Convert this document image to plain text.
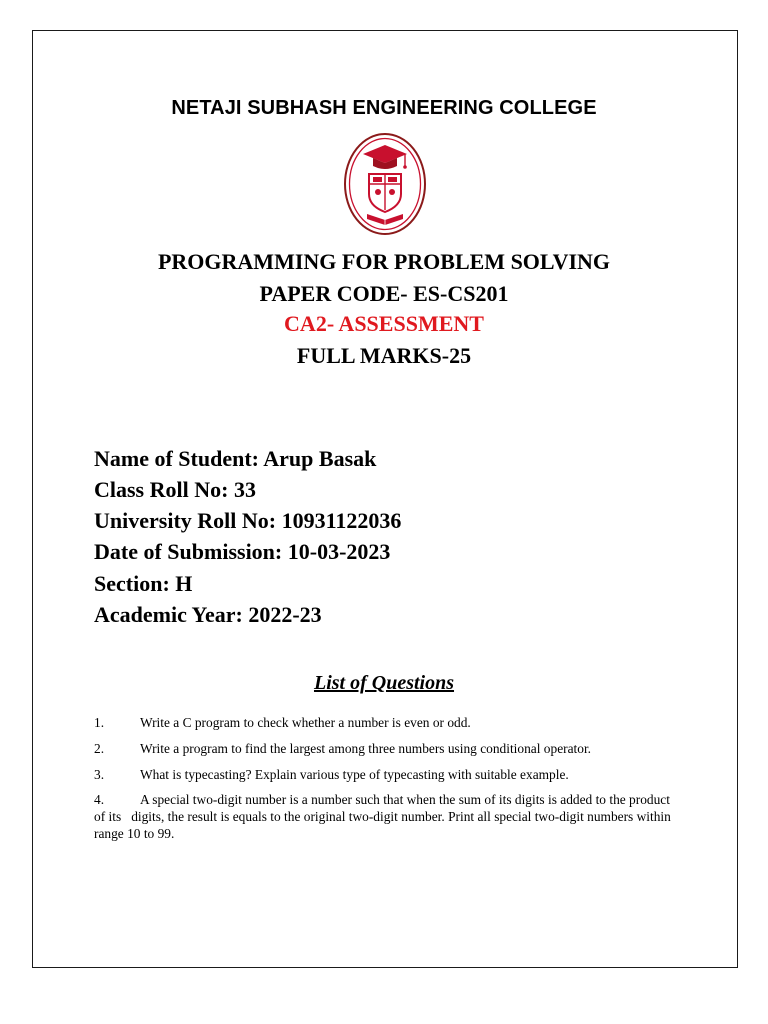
NETAJI SUBHASH ENGINEERING COLLEGE
PROGRAMMING FOR PROBLEM SOLVING
PAPER CODE- ES-CS201
CA2- ASSESSMENT
FULL MARKS-25
Name of Student: Arup Basak
Class Roll No: 33
University Roll No: 10931122036
Date of Submission: 10-03-2023
Section: H
Academic Year: 2022-23
List of Questions
1.	Write a C program to check whether a number is even or odd.
2.	Write a program to find the largest among three numbers using conditional operator.
3.	What is typecasting? Explain various type of typecasting with suitable example.
4.	A special two-digit number is a number such that when the sum of its digits is added to the product of its   digits, the result is equals to the original two-digit number. Print all special two-digit numbers within range 10 to 99.
